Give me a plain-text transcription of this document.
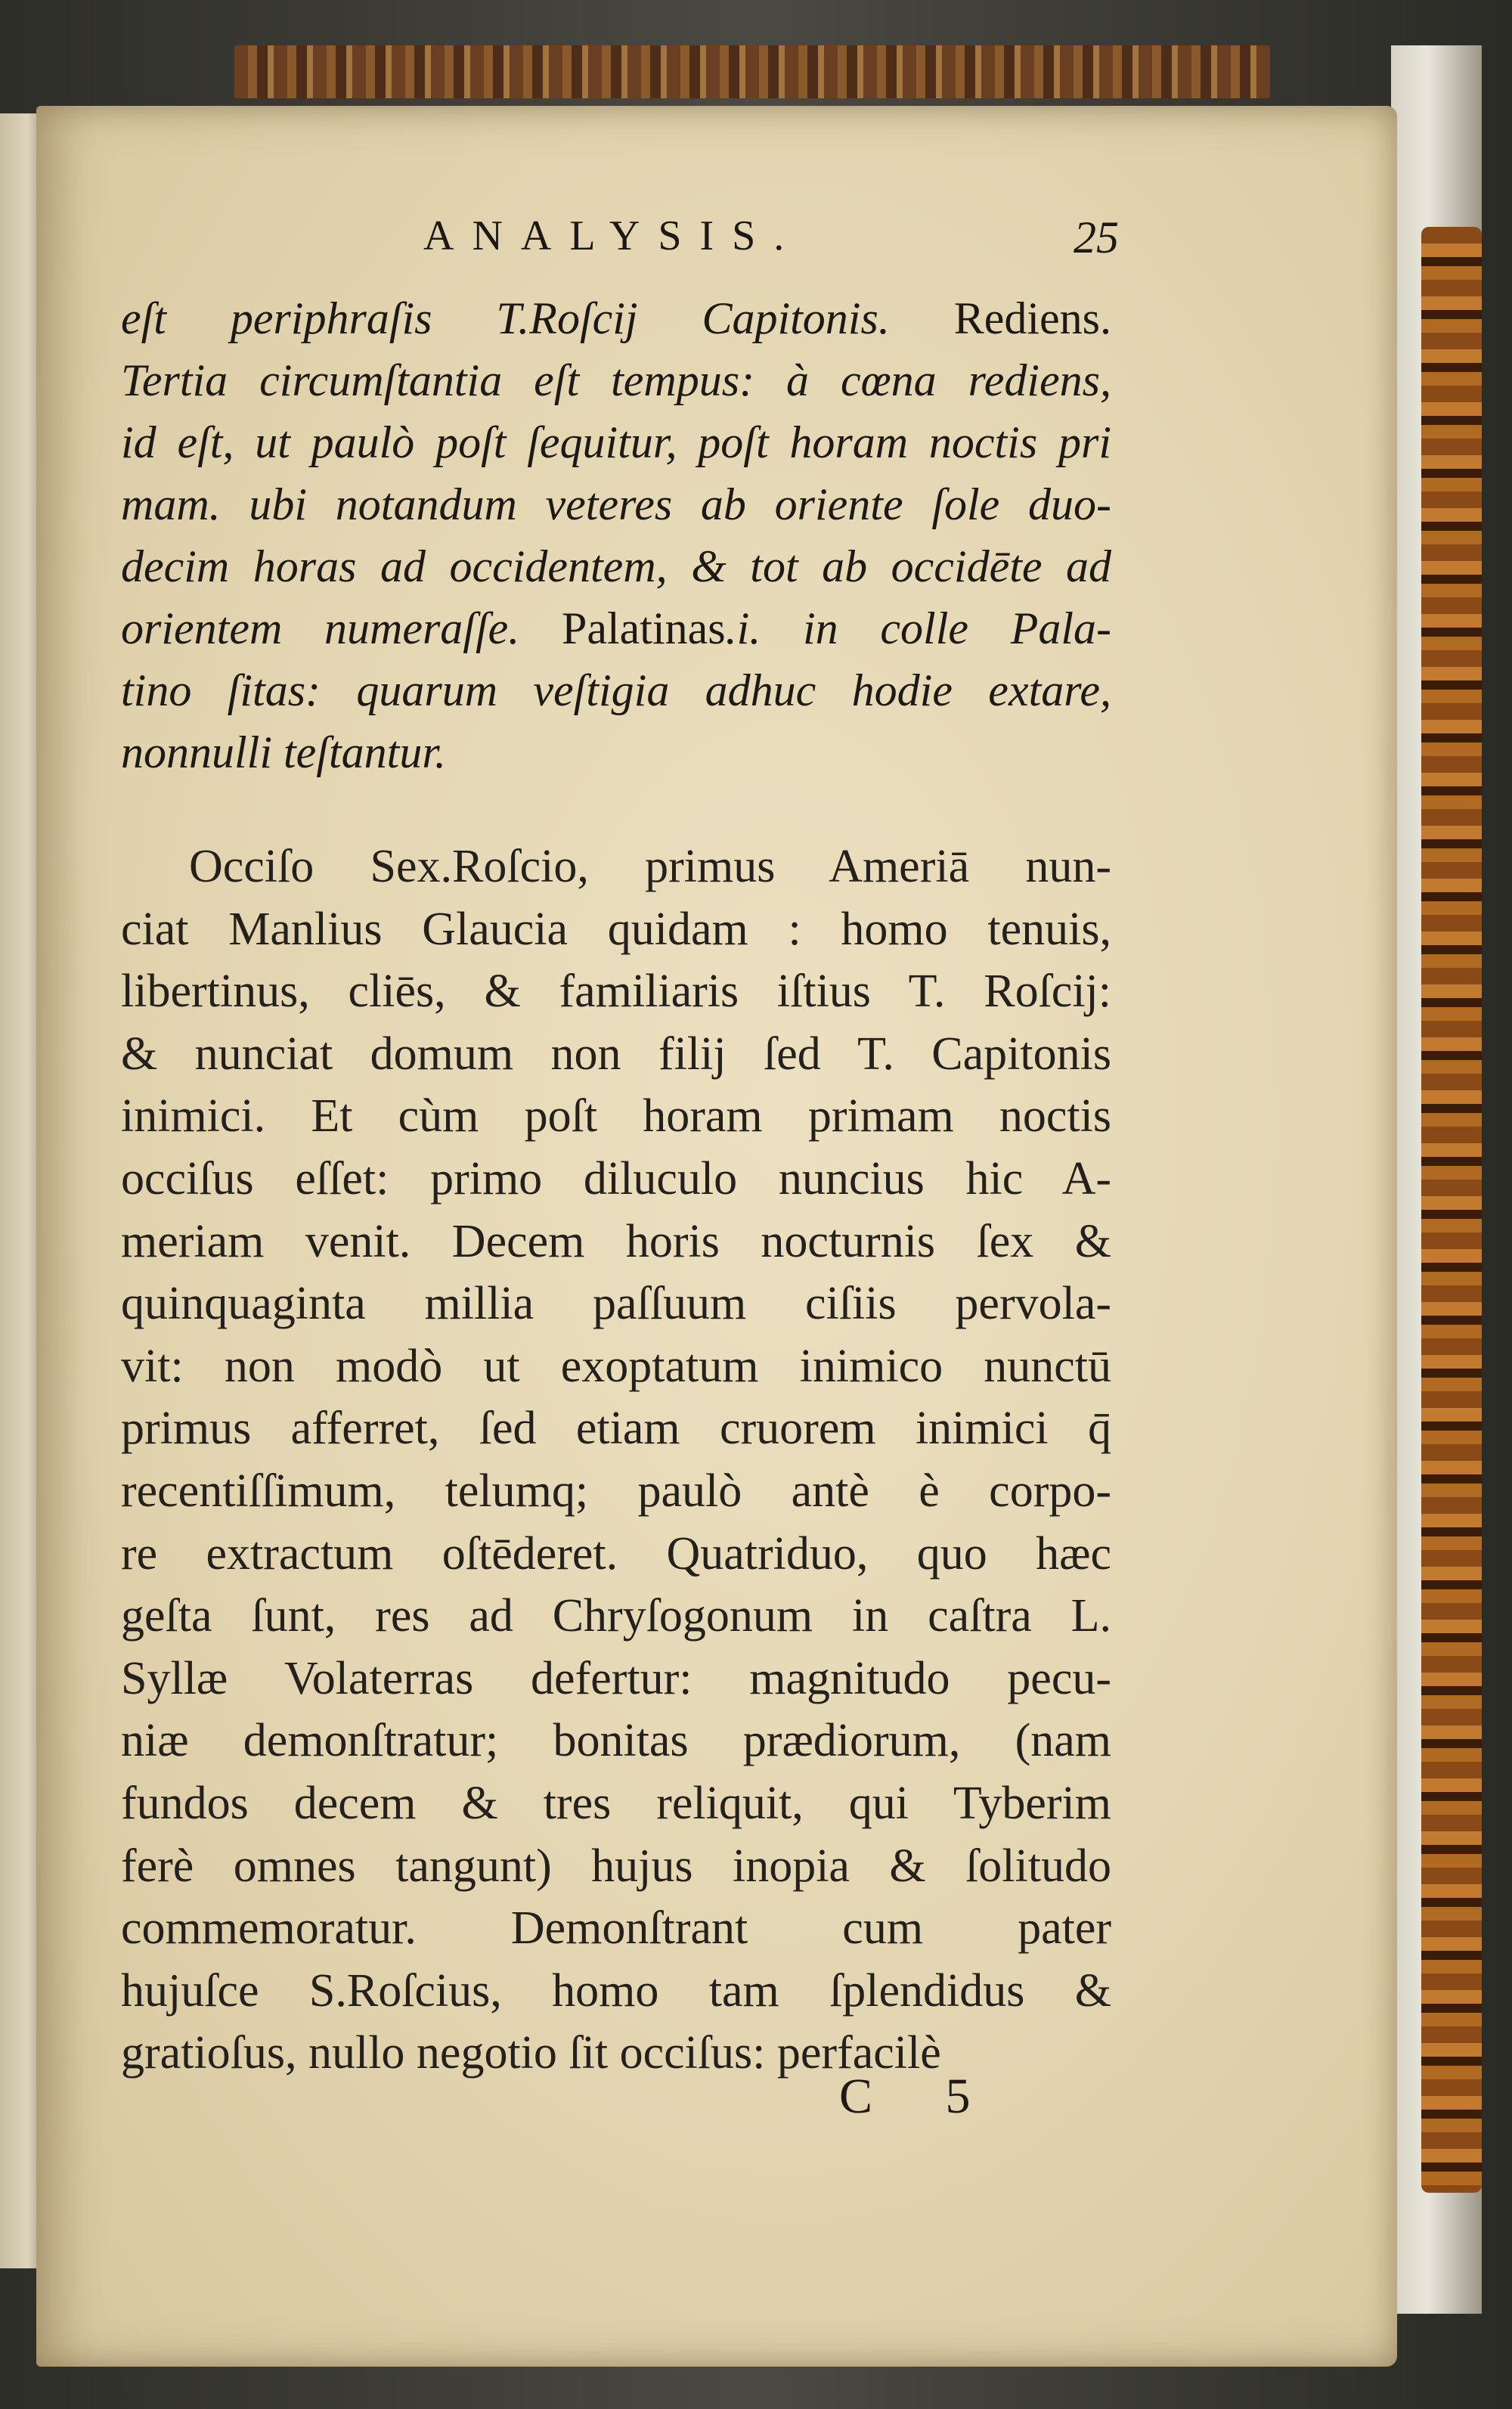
ANALYSIS.	25
eſt periphraſis T.Roſcij Capitonis. Rediens.
Tertia circumſtantia eſt tempus: à cœna rediens,
id eſt, ut paulò poſt ſequitur, poſt horam noctis pri
mam. ubi notandum veteres ab oriente ſole duo-
decim horas ad occidentem, & tot ab occidēte ad
orientem numeraſſe. Palatinas.i. in colle Pala-
tino ſitas: quarum veſtigia adhuc hodie extare,
nonnulli teſtantur.
Occiſo Sex.Roſcio, primus Ameriā nun-
ciat Manlius Glaucia quidam : homo tenuis,
libertinus, cliēs, & familiaris iſtius T. Roſcij:
& nunciat domum non filij ſed T. Capitonis
inimici. Et cùm poſt horam primam noctis
occiſus eſſet: primo diluculo nuncius hic A-
meriam venit. Decem horis nocturnis ſex &
quinquaginta millia paſſuum ciſiis pervola-
vit: non modò ut exoptatum inimico nunctū
primus afferret, ſed etiam cruorem inimici q̄
recentiſſimum, telumq; paulò antè è corpo-
re extractum oſtēderet. Quatriduo, quo hæc
geſta ſunt, res ad Chryſogonum in caſtra L.
Syllæ Volaterras defertur: magnitudo pecu-
niæ demonſtratur; bonitas prædiorum, (nam
fundos decem & tres reliquit, qui Tyberim
ferè omnes tangunt) hujus inopia & ſolitudo
commemoratur. Demonſtrant cum pater
hujuſce S.Roſcius, homo tam ſplendidus &
gratioſus, nullo negotio ſit occiſus: perfacilè
C 5
